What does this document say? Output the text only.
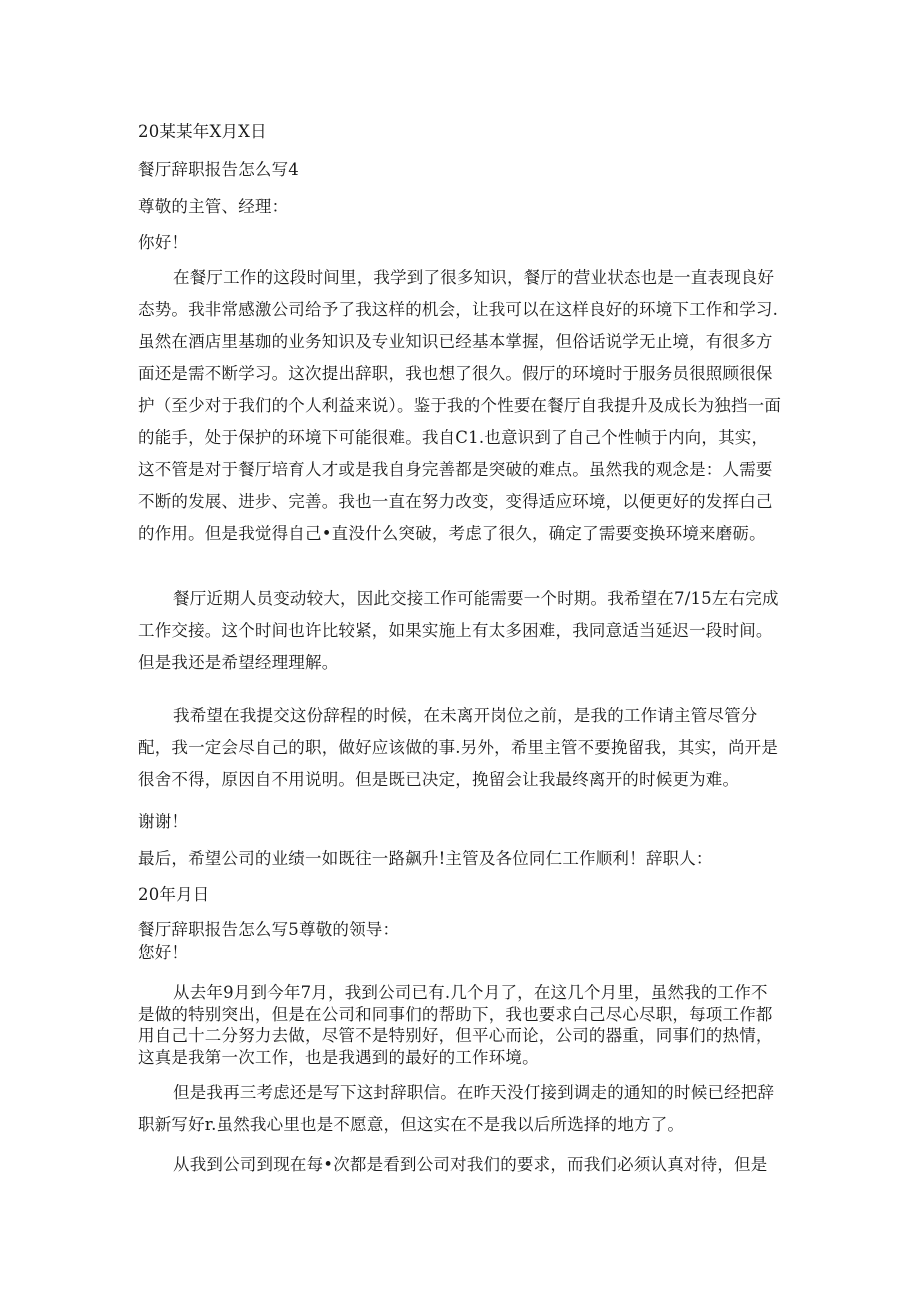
20某某年X月X日

餐厅辞职报告怎么写4

尊敬的主管、经理：

你好！

在餐厅工作的这段时间里，我学到了很多知识，餐厅的营业状态也是一直表现良好态势。我非常感激公司给予了我这样的机会，让我可以在这样良好的环境下工作和学习.虽然在酒店里基珈的业务知识及专业知识已经基本掌握，但俗话说学无止境，有很多方面还是需不断学习。这次提出辞职，我也想了很久。假厅的环境时于服务员很照顾很保护（至少对于我们的个人利益来说）。鉴于我的个性要在餐厅自我提升及成长为独挡一面的能手，处于保护的环境下可能很难。我自C1.也意识到了自己个性帧于内向，其实，这不管是对于餐厅培育人才或是我自身完善都是突破的难点。虽然我的观念是：人需要不断的发展、进步、完善。我也一直在努力改变，变得适应环境，以便更好的发挥白己的作用。但是我觉得自己•直没什么突破，考虑了很久，确定了需要变换环境来磨砺。

餐厅近期人员变动较大，因此交接工作可能需要一个时期。我希望在7/15左右完成工作交接。这个时间也许比较紧，如果实施上有太多困难，我同意适当延迟一段时间。但是我还是希望经理理解。

我希望在我提交这份辞程的时候，在未离开岗位之前，是我的工作请主管尽管分配，我一定会尽自己的职，做好应该做的事.另外，希里主管不要挽留我，其实，尚开是很舍不得，原因自不用说明。但是既已决定，挽留会让我最终离开的时候更为难。

谢谢！

最后，希望公司的业绩一如既往一路飙升!主管及各位同仁工作顺利！辞职人：

20年月日

餐厅辞职报告怎么写5尊敬的领导：

您好！

从去年9月到今年7月，我到公司已有.几个月了，在这几个月里，虽然我的工作不是做的特别突出，但是在公司和同事们的帮助下，我也要求白己尽心尽职，每项工作都用自己十二分努力去做，尽管不是特别好，但平心而论，公司的器重，同事们的热情，这真是我第一次工作，也是我遇到的最好的工作环境。

但是我再三考虑还是写下这封辞职信。在昨天没仃接到调走的通知的时候已经把辞职新写好r.虽然我心里也是不愿意，但这实在不是我以后所选择的地方了。

从我到公司到现在每•次都是看到公司对我们的要求，而我们必须认真对待，但是
